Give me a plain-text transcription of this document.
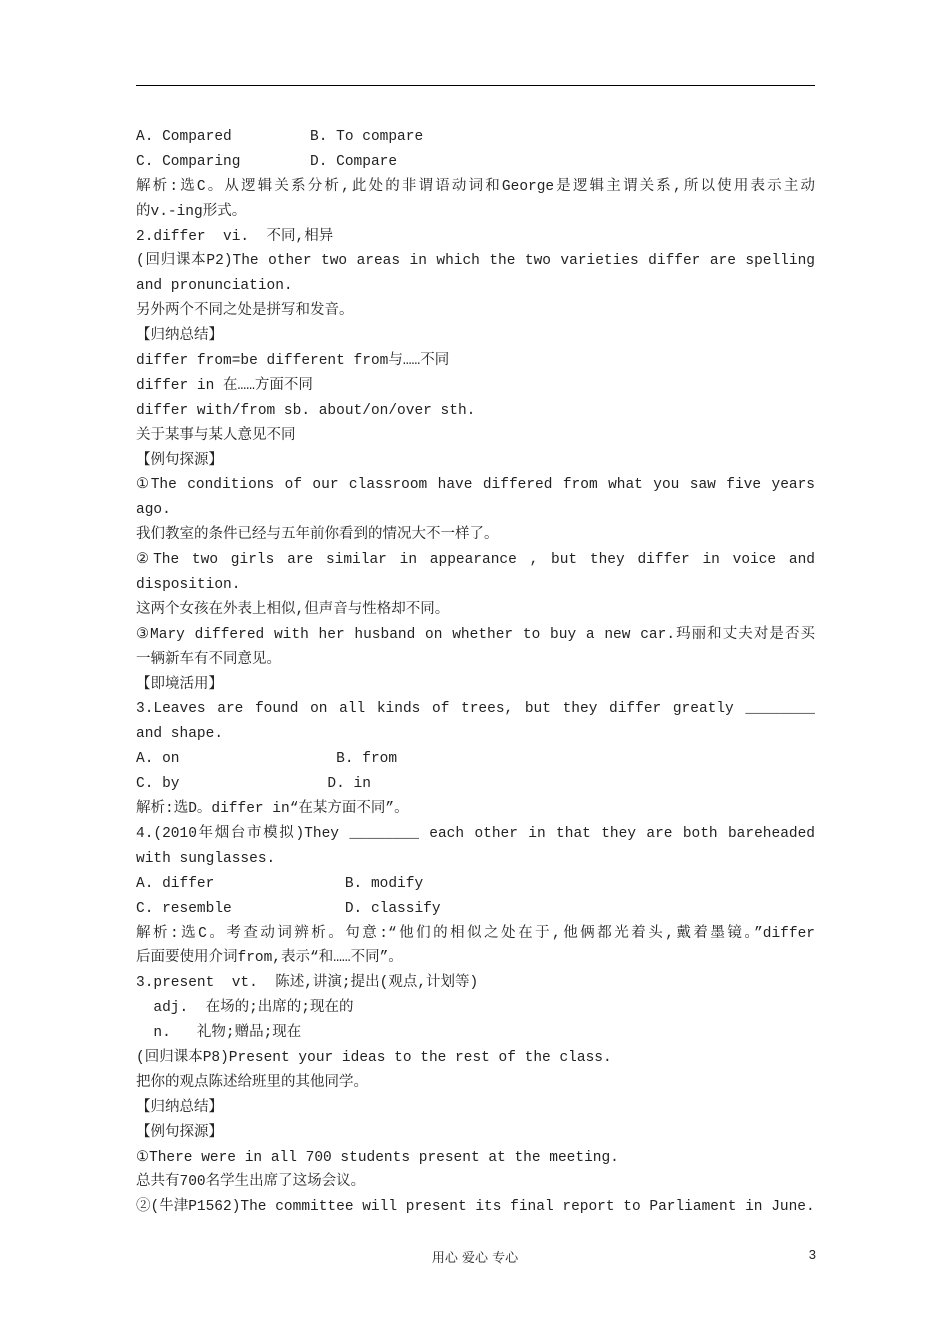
A. Compared         B. To compare
C. Comparing        D. Compare
解析:选C。从逻辑关系分析,此处的非谓语动词和George是逻辑主谓关系,所以使用表示主动
的v.-ing形式。
2.differ  vi.  不同,相异
(回归课本P2)The other two areas in which the two varieties differ are spelling
and pronunciation.
另外两个不同之处是拼写和发音。
【归纳总结】
differ from=be different from与……不同
differ in 在……方面不同
differ with/from sb. about/on/over sth.
关于某事与某人意见不同
【例句探源】
①The conditions of our classroom have differed from what you saw five years
ago.
我们教室的条件已经与五年前你看到的情况大不一样了。
②The two girls are similar in appearance , but they differ in voice and
disposition.
这两个女孩在外表上相似,但声音与性格却不同。
③Mary differed with her husband on whether to buy a new car.玛丽和丈夫对是否买
一辆新车有不同意见。
【即境活用】
3.Leaves are found on all kinds of trees, but they differ greatly ________
and shape.
A. on                  B. from
C. by                 D. in
解析:选D。differ in“在某方面不同”。
4.(2010年烟台市模拟)They ________ each other in that they are both bareheaded
with sunglasses.
A. differ               B. modify
C. resemble             D. classify
解析:选C。考查动词辨析。句意:“他们的相似之处在于,他俩都光着头,戴着墨镜。”differ
后面要使用介词from,表示“和……不同”。
3.present  vt.  陈述,讲演;提出(观点,计划等)
adj.  在场的;出席的;现在的
n.   礼物;赠品;现在
(回归课本P8)Present your ideas to the rest of the class.
把你的观点陈述给班里的其他同学。
【归纳总结】
【例句探源】
①There were in all 700 students present at the meeting.
总共有700名学生出席了这场会议。
②(牛津P1562)The committee will present its final report to Parliament in June.
用心 爱心 专心	3
